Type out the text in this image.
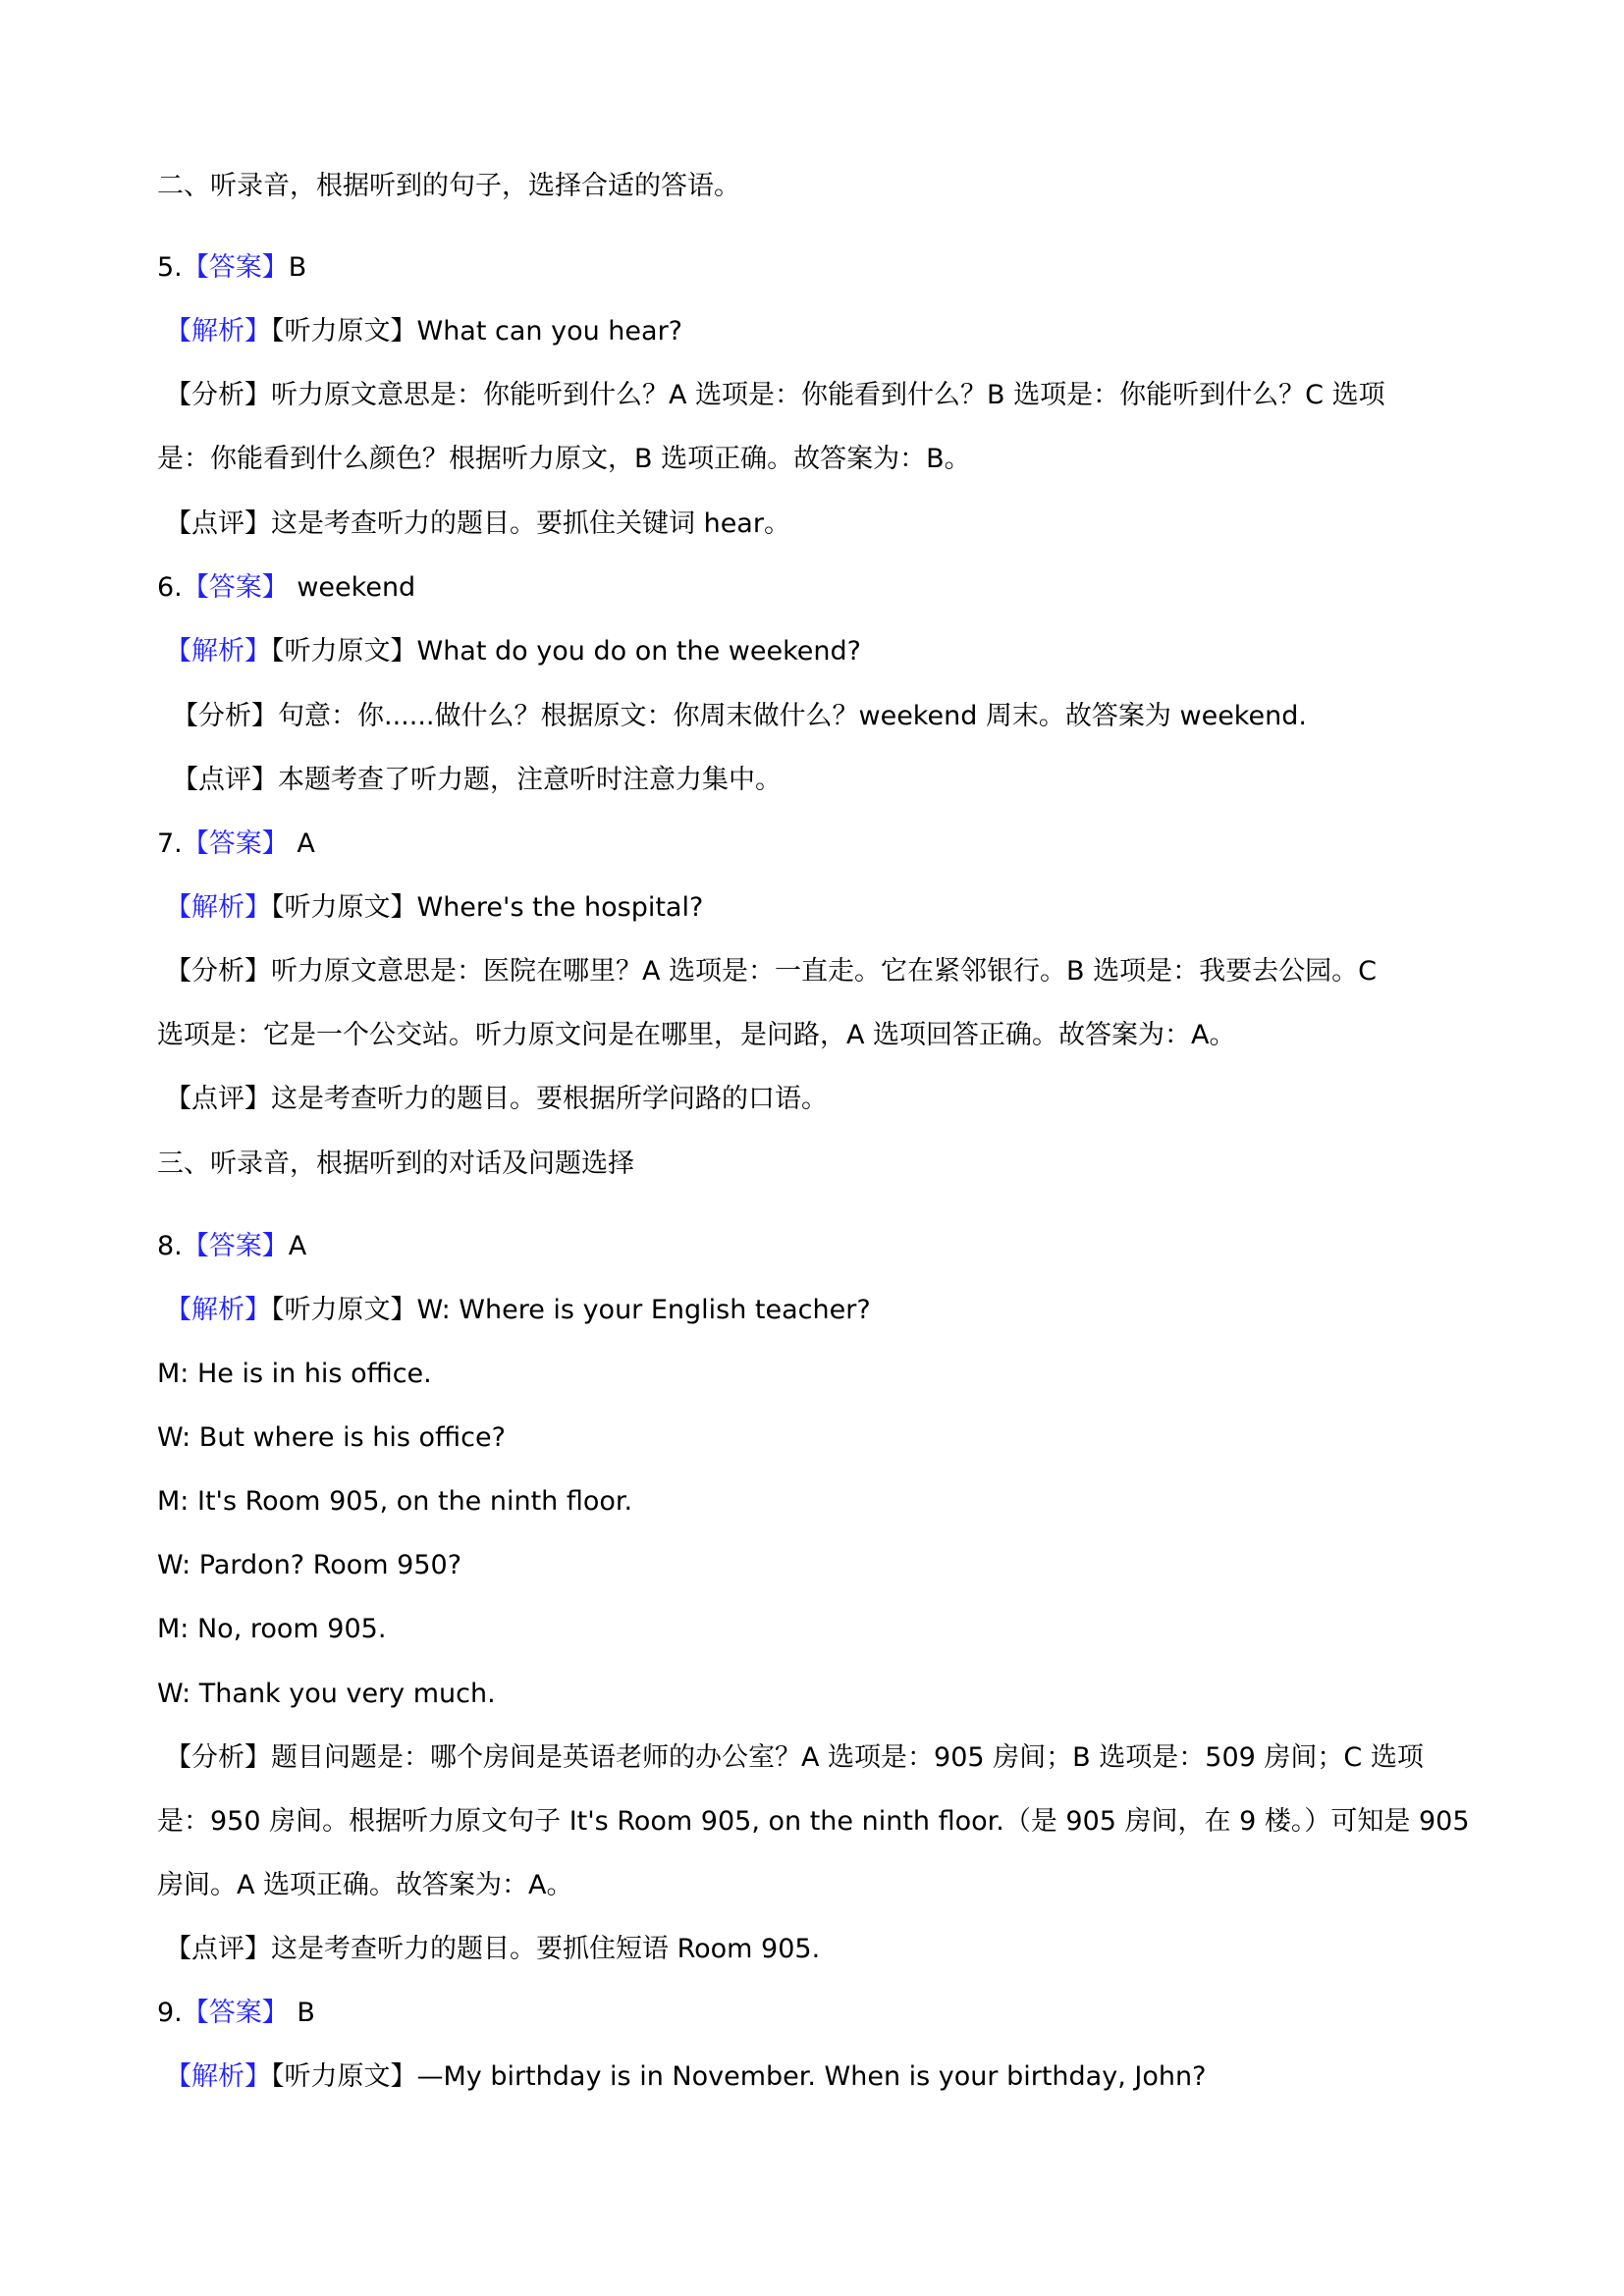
二、听录音，根据听到的句子，选择合适的答语。
5.【答案】B
【解析】【听力原文】What can you hear?
【分析】听力原文意思是：你能听到什么？A 选项是：你能看到什么？B 选项是：你能听到什么？C 选项
是：你能看到什么颜色？根据听力原文，B 选项正确。故答案为：B。
【点评】这是考查听力的题目。要抓住关键词 hear。
6.【答案】 weekend
【解析】【听力原文】What do you do on the weekend?
【分析】句意：你......做什么？根据原文：你周末做什么？weekend 周末。故答案为 weekend.
【点评】本题考查了听力题，注意听时注意力集中。
7.【答案】 A
【解析】【听力原文】Where's the hospital?
【分析】听力原文意思是：医院在哪里？A 选项是：一直走。它在紧邻银行。B 选项是：我要去公园。C
选项是：它是一个公交站。听力原文问是在哪里，是问路，A 选项回答正确。故答案为：A。
【点评】这是考查听力的题目。要根据所学问路的口语。
三、听录音，根据听到的对话及问题选择
8.【答案】A
【解析】【听力原文】W: Where is your English teacher?
M: He is in his office.
W: But where is his office?
M: It's Room 905, on the ninth floor.
W: Pardon? Room 950?
M: No, room 905.
W: Thank you very much.
【分析】题目问题是：哪个房间是英语老师的办公室？A 选项是：905 房间；B 选项是：509 房间；C 选项
是：950 房间。根据听力原文句子 It's Room 905, on the ninth floor.（是 905 房间，在 9 楼。）可知是 905
房间。A 选项正确。故答案为：A。
【点评】这是考查听力的题目。要抓住短语 Room 905.
9.【答案】 B
【解析】【听力原文】—My birthday is in November. When is your birthday, John?
